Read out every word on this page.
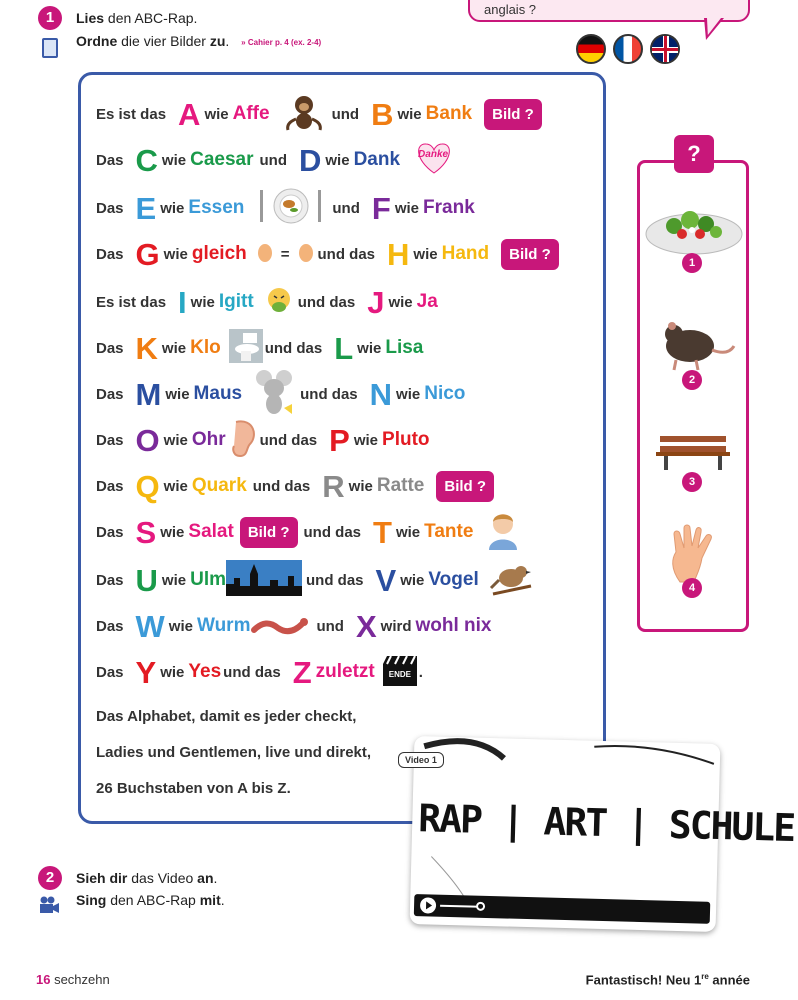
anglais ?
1	Lies den ABC-Rap.
Ordne die vier Bilder zu. » Cahier p. 4 (ex. 2-4)
Es ist das A wie Affe	und B wie Bank	Bild ?
Das C wie Caesar und D wie Dank Danke
Das E wie Essen	und F wie Frank
Das G wie gleich = und das H wie Hand	Bild ?
Es ist das I wie Igitt	und das J wie Ja
Das K wie Klo	und das L wie Lisa
Das M wie Maus	und das N wie Nico
Das O wie Ohr und das P wie Pluto
Das Q wie Quark und das R wie Ratte	Bild ?
Das S wie Salat Bild ? und das T wie Tante
Das U wie Ulm	und das V wie Vogel
Das W wie Wurm	und X wird wohl nix
Das Y wie Yes und das Z zuletzt ENDE .
Das Alphabet, damit es jeder checkt,
Ladies und Gentlemen, live und direkt,
26 Buchstaben von A bis Z.
?
1
2
3
4
2	Sieh dir das Video an.
Sing den ABC-Rap mit.
RAP | ART | SCHULE
Video 1
16 sechzehn	Fantastisch! Neu 1re année
